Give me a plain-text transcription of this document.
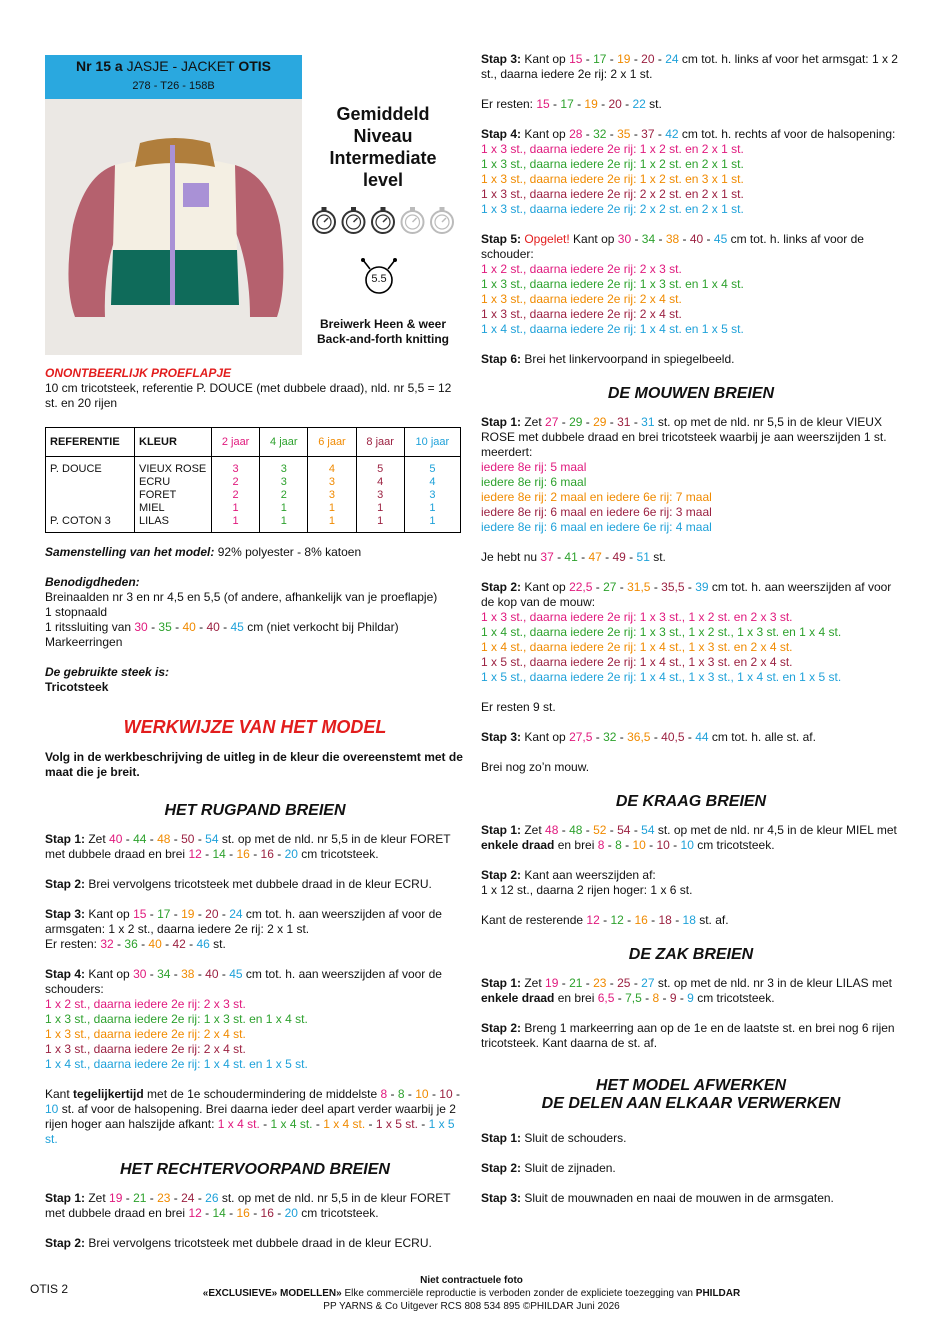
Nr 15 a JASJE - JACKET OTIS
278 - T26 - 158B
Gemiddeld
Niveau
Intermediate
level
5.5
Breiwerk Heen & weer
Back-and-forth knitting

ONONTBEERLIJK PROEFLAPJE

10 cm tricotsteek, referentie P. DOUCE (met dubbele draad), nld. nr 5,5 = 12 st. en 20 rijen

REFERENTIE	KLEUR	2 jaar	4 jaar	6 jaar	8 jaar	10 jaar
P. DOUCE	VIEUX ROSE	3	3	4	5	5
	ECRU	2	3	3	4	4
	FORET	2	2	3	3	3
	MIEL	1	1	1	1	1
P. COTON 3	LILAS	1	1	1	1	1

Samenstelling van het model: 92% polyester - 8% katoen

Benodigdheden:

Breinaalden nr 3 en nr 4,5 en 5,5 (of andere, afhankelijk van je proeflapje)

1 stopnaald

1 ritssluiting van 30 - 35 - 40 - 40 - 45 cm (niet verkocht bij Phildar)

Markeerringen

De gebruikte steek is:

Tricotsteek

WERKWIJZE VAN HET MODEL

Volg in de werkbeschrijving de uitleg in de kleur die overeenstemt met de maat die je breit.

HET RUGPAND BREIEN

Stap 1: Zet 40 - 44 - 48 - 50 - 54 st. op met de nld. nr 5,5 in de kleur FORET met dubbele draad en brei 12 - 14 - 16 - 16 - 20 cm tricotsteek.

Stap 2: Brei vervolgens tricotsteek met dubbele draad in de kleur ECRU.

Stap 3: Kant op 15 - 17 - 19 - 20 - 24 cm tot. h. aan weerszijden af voor de armsgaten: 1 x 2 st., daarna iedere 2e rij: 2 x 1 st.
Er resten: 32 - 36 - 40 - 42 - 46 st.

Stap 4: Kant op 30 - 34 - 38 - 40 - 45 cm tot. h. aan weerszijden af voor de schouders:

1 x 2 st., daarna iedere 2e rij: 2 x 3 st.

1 x 3 st., daarna iedere 2e rij: 1 x 3 st. en 1 x 4 st.

1 x 3 st., daarna iedere 2e rij: 2 x 4 st.

1 x 3 st., daarna iedere 2e rij: 2 x 4 st.

1 x 4 st., daarna iedere 2e rij: 1 x 4 st. en 1 x 5 st.

Kant tegelijkertijd met de 1e schoudermindering de middelste 8 - 8 - 10 - 10 - 10 st. af voor de halsopening. Brei daarna ieder deel apart verder waarbij je 2 rijen hoger aan halszijde afkant: 1 x 4 st. - 1 x 4 st. - 1 x 4 st. - 1 x 5 st. - 1 x 5 st.

HET RECHTERVOORPAND BREIEN

Stap 1: Zet 19 - 21 - 23 - 24 - 26 st. op met de nld. nr 5,5 in de kleur FORET met dubbele draad en brei 12 - 14 - 16 - 16 - 20 cm tricotsteek.

Stap 2: Brei vervolgens tricotsteek met dubbele draad in de kleur ECRU.

Stap 3: Kant op 15 - 17 - 19 - 20 - 24 cm tot. h. links af voor het armsgat: 1 x 2 st., daarna iedere 2e rij: 2 x 1 st.

Er resten: 15 - 17 - 19 - 20 - 22 st.

Stap 4: Kant op 28 - 32 - 35 - 37 - 42 cm tot. h. rechts af voor de halsopening:

1 x 3 st., daarna iedere 2e rij: 1 x 2 st. en 2 x 1 st.

1 x 3 st., daarna iedere 2e rij: 1 x 2 st. en 2 x 1 st.

1 x 3 st., daarna iedere 2e rij: 1 x 2 st. en 3 x 1 st.

1 x 3 st., daarna iedere 2e rij: 2 x 2 st. en 2 x 1 st.

1 x 3 st., daarna iedere 2e rij: 2 x 2 st. en 2 x 1 st.

Stap 5: Opgelet! Kant op 30 - 34 - 38 - 40 - 45 cm tot. h. links af voor de schouder:

1 x 2 st., daarna iedere 2e rij: 2 x 3 st.

1 x 3 st., daarna iedere 2e rij: 1 x 3 st. en 1 x 4 st.

1 x 3 st., daarna iedere 2e rij: 2 x 4 st.

1 x 3 st., daarna iedere 2e rij: 2 x 4 st.

1 x 4 st., daarna iedere 2e rij: 1 x 4 st. en 1 x 5 st.

Stap 6: Brei het linkervoorpand in spiegelbeeld.

DE MOUWEN BREIEN

Stap 1: Zet 27 - 29 - 29 - 31 - 31 st. op met de nld. nr 5,5 in de kleur VIEUX ROSE met dubbele draad en brei tricotsteek waarbij je aan weerszijden 1 st. meerdert:

iedere 8e rij: 5 maal

iedere 8e rij: 6 maal

iedere 8e rij: 2 maal en iedere 6e rij: 7 maal

iedere 8e rij: 6 maal en iedere 6e rij: 3 maal

iedere 8e rij: 6 maal en iedere 6e rij: 4 maal

Je hebt nu 37 - 41 - 47 - 49 - 51 st.

Stap 2: Kant op 22,5 - 27 - 31,5 - 35,5 - 39 cm tot. h. aan weerszijden af voor de kop van de mouw:

1 x 3 st., daarna iedere 2e rij: 1 x 3 st., 1 x 2 st. en 2 x 3 st.

1 x 4 st., daarna iedere 2e rij: 1 x 3 st., 1 x 2 st., 1 x 3 st. en 1 x 4 st.

1 x 4 st., daarna iedere 2e rij: 1 x 4 st., 1 x 3 st. en 2 x 4 st.

1 x 5 st., daarna iedere 2e rij: 1 x 4 st., 1 x 3 st. en 2 x 4 st.

1 x 5 st., daarna iedere 2e rij: 1 x 4 st., 1 x 3 st., 1 x 4 st. en 1 x 5 st.

Er resten 9 st.

Stap 3: Kant op 27,5 - 32 - 36,5 - 40,5 - 44 cm tot. h. alle st. af.

Brei nog zo’n mouw.

DE KRAAG BREIEN

Stap 1: Zet 48 - 48 - 52 - 54 - 54 st. op met de nld. nr 4,5 in de kleur MIEL met enkele draad en brei 8 - 8 - 10 - 10 - 10 cm tricotsteek.

Stap 2: Kant aan weerszijden af:
1 x 12 st., daarna 2 rijen hoger: 1 x 6 st.

Kant de resterende 12 - 12 - 16 - 18 - 18 st. af.

DE ZAK BREIEN

Stap 1: Zet 19 - 21 - 23 - 25 - 27 st. op met de nld. nr 3 in de kleur LILAS met enkele draad en brei 6,5 - 7,5 - 8 - 9 - 9 cm tricotsteek.

Stap 2: Breng 1 markeerring aan op de 1e en de laatste st. en brei nog 6 rijen tricotsteek. Kant daarna de st. af.

HET MODEL AFWERKEN

DE DELEN AAN ELKAAR VERWERKEN

Stap 1: Sluit de schouders.

Stap 2: Sluit de zijnaden.

Stap 3: Sluit de mouwnaden en naai de mouwen in de armsgaten.

OTIS 2
Niet contractuele foto
«EXCLUSIEVE» MODELLEN» Elke commerciële reproductie is verboden zonder de expliciete toezegging van PHILDAR
PP YARNS & Co Uitgever RCS 808 534 895 ©PHILDAR Juni 2026
